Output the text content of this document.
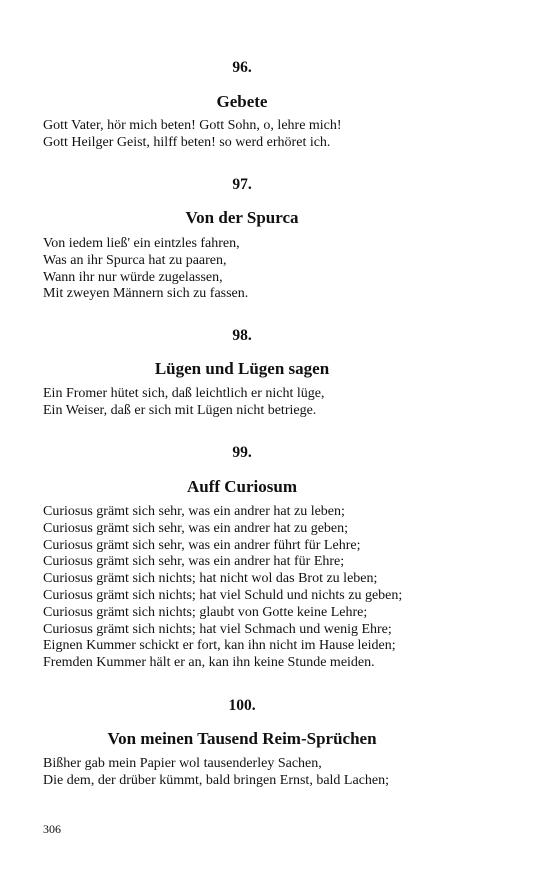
96.

Gebete

Gott Vater, hör mich beten! Gott Sohn, o, lehre mich!
Gott Heilger Geist, hilff beten! so werd erhöret ich.

97.

Von der Spurca

Von iedem ließ' ein eintzles fahren,
Was an ihr Spurca hat zu paaren,
Wann ihr nur würde zugelassen,
Mit zweyen Männern sich zu fassen.

98.

Lügen und Lügen sagen

Ein Fromer hütet sich, daß leichtlich er nicht lüge,
Ein Weiser, daß er sich mit Lügen nicht betriege.

99.

Auff Curiosum

Curiosus grämt sich sehr, was ein andrer hat zu leben;
Curiosus grämt sich sehr, was ein andrer hat zu geben;
Curiosus grämt sich sehr, was ein andrer führt für Lehre;
Curiosus grämt sich sehr, was ein andrer hat für Ehre;
Curiosus grämt sich nichts; hat nicht wol das Brot zu leben;
Curiosus grämt sich nichts; hat viel Schuld und nichts zu geben;
Curiosus grämt sich nichts; glaubt von Gotte keine Lehre;
Curiosus grämt sich nichts; hat viel Schmach und wenig Ehre;
Eignen Kummer schickt er fort, kan ihn nicht im Hause leiden;
Fremden Kummer hält er an, kan ihn keine Stunde meiden.

100.

Von meinen Tausend Reim-Sprüchen

Bißher gab mein Papier wol tausenderley Sachen,
Die dem, der drüber kümmt, bald bringen Ernst, bald Lachen;
306
